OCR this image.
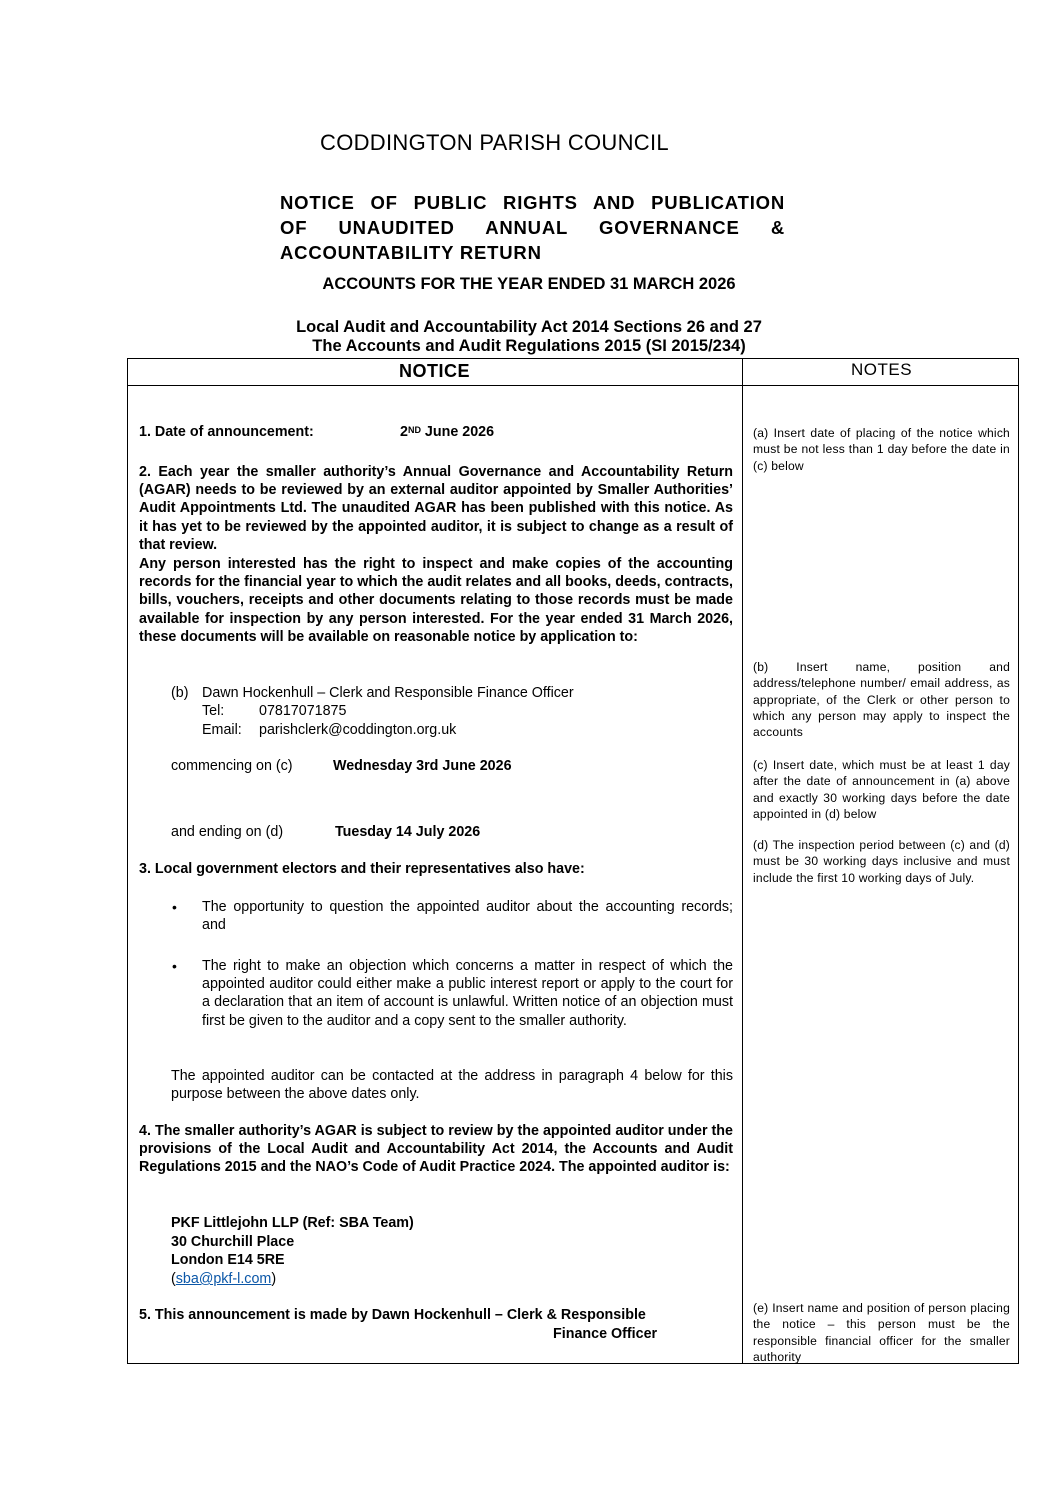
CODDINGTON PARISH COUNCIL
NOTICE OF PUBLIC RIGHTS AND PUBLICATION
OF UNAUDITED ANNUAL GOVERNANCE &
ACCOUNTABILITY RETURN
ACCOUNTS FOR THE YEAR ENDED 31 MARCH 2026
Local Audit and Accountability Act 2014 Sections 26 and 27
The Accounts and Audit Regulations 2015 (SI 2015/234)
NOTICE	NOTES
1. Date of announcement:	2ND June 2026
2. Each year the smaller authority’s Annual Governance and Accountability Return (AGAR) needs to be reviewed by an external auditor appointed by Smaller Authorities’ Audit Appointments Ltd. The unaudited AGAR has been published with this notice. As it has yet to be reviewed by the appointed auditor, it is subject to change as a result of that review.
Any person interested has the right to inspect and make copies of the accounting records for the financial year to which the audit relates and all books, deeds, contracts, bills, vouchers, receipts and other documents relating to those records must be made available for inspection by any person interested. For the year ended 31 March 2026, these documents will be available on reasonable notice by application to:
(b) Dawn Hockenhull – Clerk and Responsible Finance Officer
Tel: 07817071875
Email: parishclerk@coddington.org.uk
commencing on (c)	Wednesday 3rd June 2026
and ending on (d)	Tuesday 14 July 2026
3. Local government electors and their representatives also have:
• The opportunity to question the appointed auditor about the accounting records; and
• The right to make an objection which concerns a matter in respect of which the appointed auditor could either make a public interest report or apply to the court for a declaration that an item of account is unlawful. Written notice of an objection must first be given to the auditor and a copy sent to the smaller authority.
The appointed auditor can be contacted at the address in paragraph 4 below for this purpose between the above dates only.
4. The smaller authority’s AGAR is subject to review by the appointed auditor under the provisions of the Local Audit and Accountability Act 2014, the Accounts and Audit Regulations 2015 and the NAO’s Code of Audit Practice 2024. The appointed auditor is:
PKF Littlejohn LLP (Ref: SBA Team)
30 Churchill Place
London E14 5RE
(sba@pkf-l.com)
5. This announcement is made by Dawn Hockenhull – Clerk & Responsible
Finance Officer
(a) Insert date of placing of the notice which must be not less than 1 day before the date in (c) below
(b) Insert name, position and address/telephone number/ email address, as appropriate, of the Clerk or other person to which any person may apply to inspect the accounts
(c) Insert date, which must be at least 1 day after the date of announcement in (a) above and exactly 30 working days before the date appointed in (d) below
(d) The inspection period between (c) and (d) must be 30 working days inclusive and must include the first 10 working days of July.
(e) Insert name and position of person placing the notice – this person must be the responsible financial officer for the smaller authority
